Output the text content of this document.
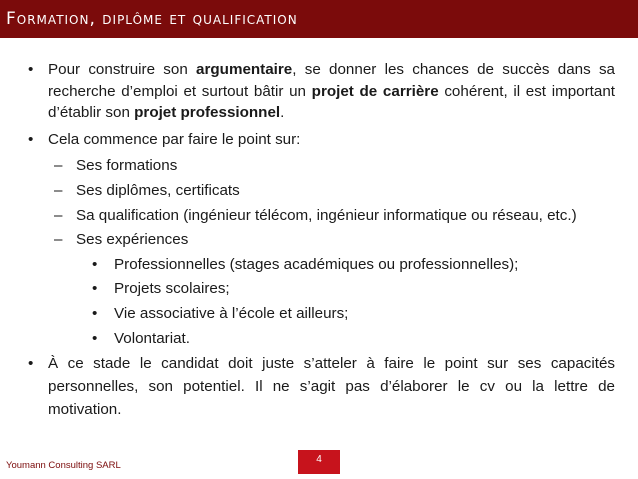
Formation, diplôme et qualification
• Pour construire son argumentaire, se donner les chances de succès dans sa recherche d’emploi et surtout bâtir un projet de carrière cohérent, il est important d’établir son projet professionnel.
• Cela commence par faire le point sur:
– Ses formations
– Ses diplômes, certificats
– Sa qualification (ingénieur télécom, ingénieur informatique ou réseau, etc.)
– Ses expériences
• Professionnelles (stages académiques ou professionnelles);
• Projets scolaires;
• Vie associative à l’école et ailleurs;
• Volontariat.
• À ce stade le candidat doit juste s’atteler à faire le point sur ses capacités personnelles, son potentiel. Il ne s’agit pas d’élaborer le cv ou la lettre de motivation.
Youmann Consulting SARL
4
